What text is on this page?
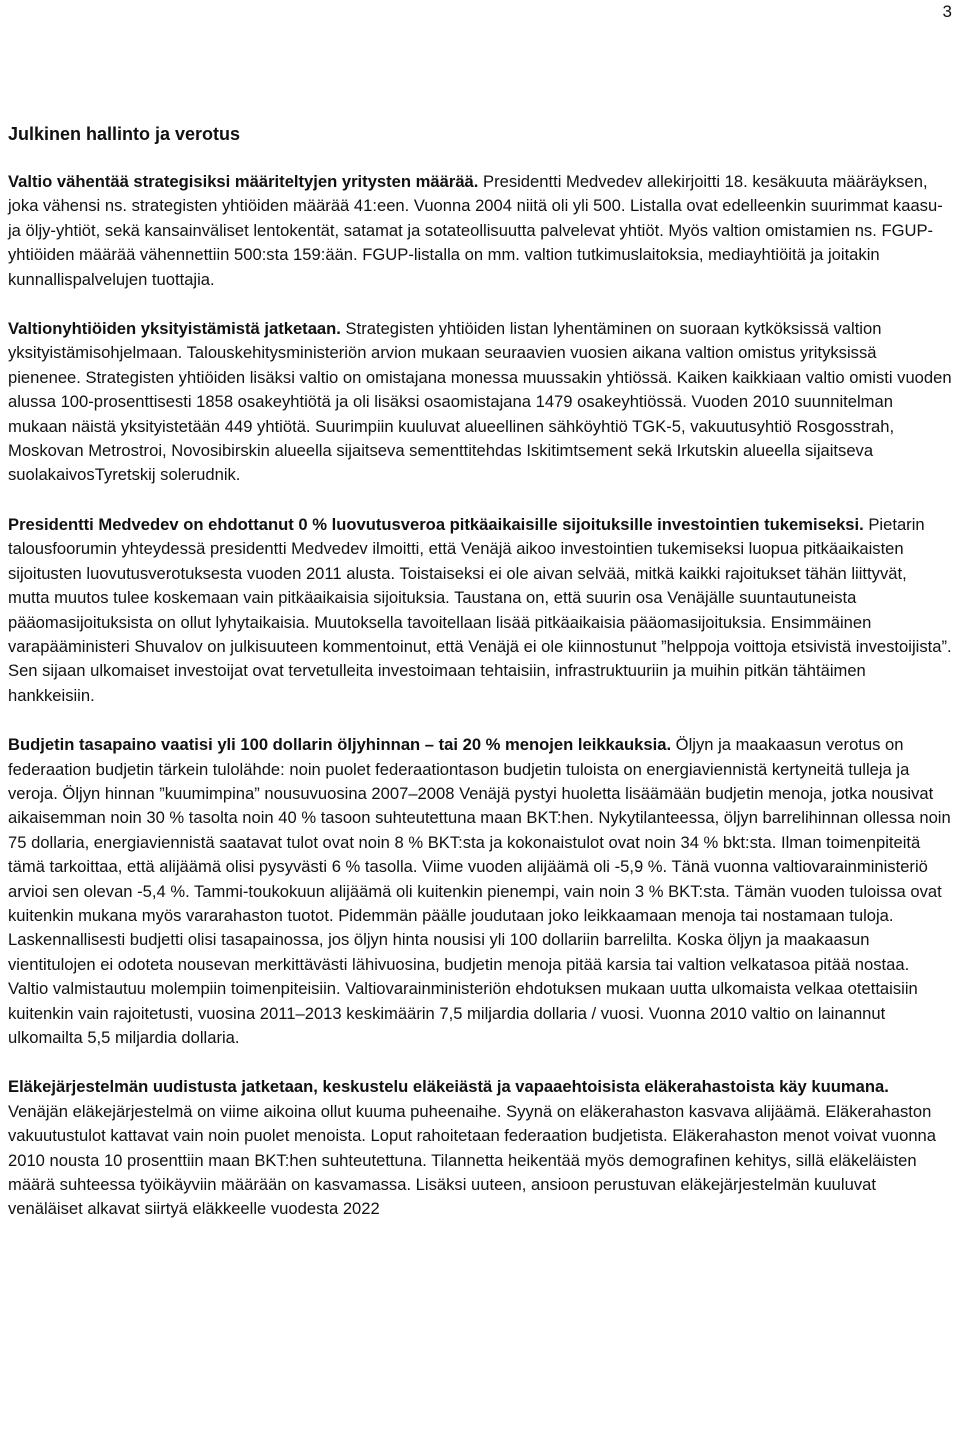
3
Julkinen hallinto ja verotus

Valtio vähentää strategisiksi määriteltyjen yritysten määrää. Presidentti Medvedev allekirjoitti 18. kesäkuuta määräyksen, joka vähensi ns. strategisten yhtiöiden määrää 41:een. Vuonna 2004 niitä oli yli 500. Listalla ovat edelleenkin suurimmat kaasu- ja öljy-yhtiöt, sekä kansainväliset lentokentät, satamat ja sotateollisuutta palvelevat yhtiöt. Myös valtion omistamien ns. FGUP-yhtiöiden määrää vähennettiin 500:sta 159:ään. FGUP-listalla on mm. valtion tutkimuslaitoksia, mediayhtiöitä ja joitakin kunnallispalvelujen tuottajia.

Valtionyhtiöiden yksityistämistä jatketaan. Strategisten yhtiöiden listan lyhentäminen on suoraan kytköksissä valtion yksityistämisohjelmaan. Talouskehitysministeriön arvion mukaan seuraavien vuosien aikana valtion omistus yrityksissä pienenee. Strategisten yhtiöiden lisäksi valtio on omistajana monessa muussakin yhtiössä. Kaiken kaikkiaan valtio omisti vuoden alussa 100-prosenttisesti 1858 osakeyhtiötä ja oli lisäksi osaomistajana 1479 osakeyhtiössä. Vuoden 2010 suunnitelman mukaan näistä yksityistetään 449 yhtiötä. Suurimpiin kuuluvat alueellinen sähköyhtiö TGK-5, vakuutusyhtiö Rosgosstrah, Moskovan Metrostroi, Novosibirskin alueella sijaitseva sementtitehdas Iskitimtsement sekä Irkutskin alueella sijaitseva suolakaivosTyretskij solerudnik.

Presidentti Medvedev on ehdottanut 0 % luovutusveroa pitkäaikaisille sijoituksille investointien tukemiseksi. Pietarin talousfoorumin yhteydessä presidentti Medvedev ilmoitti, että Venäjä aikoo investointien tukemiseksi luopua pitkäaikaisten sijoitusten luovutusverotuksesta vuoden 2011 alusta. Toistaiseksi ei ole aivan selvää, mitkä kaikki rajoitukset tähän liittyvät, mutta muutos tulee koskemaan vain pitkäaikaisia sijoituksia. Taustana on, että suurin osa Venäjälle suuntautuneista pääomasijoituksista on ollut lyhytaikaisia. Muutoksella tavoitellaan lisää pitkäaikaisia pääomasijoituksia. Ensimmäinen varapääministeri Shuvalov on julkisuuteen kommentoinut, että Venäjä ei ole kiinnostunut ”helppoja voittoja etsivistä investoijista”. Sen sijaan ulkomaiset investoijat ovat tervetulleita investoimaan tehtaisiin, infrastruktuuriin ja muihin pitkän tähtäimen hankkeisiin.

Budjetin tasapaino vaatisi yli 100 dollarin öljyhinnan – tai 20 % menojen leikkauksia. Öljyn ja maakaasun verotus on federaation budjetin tärkein tulolähde: noin puolet federaationtason budjetin tuloista on energiaviennistä kertyneitä tulleja ja veroja. Öljyn hinnan ”kuumimpina” nousuvuosina 2007–2008 Venäjä pystyi huoletta lisäämään budjetin menoja, jotka nousivat aikaisemman noin 30 % tasolta noin 40 % tasoon suhteutettuna maan BKT:hen. Nykytilanteessa, öljyn barrelihinnan ollessa noin 75 dollaria, energiaviennistä saatavat tulot ovat noin 8 % BKT:sta ja kokonaistulot ovat noin 34 % bkt:sta. Ilman toimenpiteitä tämä tarkoittaa, että alijäämä olisi pysyvästi 6 % tasolla. Viime vuoden alijäämä oli -5,9 %. Tänä vuonna valtiovarainministeriö arvioi sen olevan -5,4 %. Tammi-toukokuun alijäämä oli kuitenkin pienempi, vain noin 3 % BKT:sta. Tämän vuoden tuloissa ovat kuitenkin mukana myös vararahaston tuotot. Pidemmän päälle joudutaan joko leikkaamaan menoja tai nostamaan tuloja. Laskennallisesti budjetti olisi tasapainossa, jos öljyn hinta nousisi yli 100 dollariin barrelilta. Koska öljyn ja maakaasun vientitulojen ei odoteta nousevan merkittävästi lähivuosina, budjetin menoja pitää karsia tai valtion velkatasoa pitää nostaa. Valtio valmistautuu molempiin toimenpiteisiin. Valtiovarainministeriön ehdotuksen mukaan uutta ulkomaista velkaa otettaisiin kuitenkin vain rajoitetusti, vuosina 2011–2013 keskimäärin 7,5 miljardia dollaria / vuosi. Vuonna 2010 valtio on lainannut ulkomailta 5,5 miljardia dollaria.

Eläkejärjestelmän uudistusta jatketaan, keskustelu eläkeiästä ja vapaaehtoisista eläkerahastoista käy kuumana. Venäjän eläkejärjestelmä on viime aikoina ollut kuuma puheenaihe. Syynä on eläkerahaston kasvava alijäämä. Eläkerahaston vakuutustulot kattavat vain noin puolet menoista. Loput rahoitetaan federaation budjetista. Eläkerahaston menot voivat vuonna 2010 nousta 10 prosenttiin maan BKT:hen suhteutettuna. Tilannetta heikentää myös demografinen kehitys, sillä eläkeläisten määrä suhteessa työikäyviin määrään on kasvamassa. Lisäksi uuteen, ansioon perustuvan eläkejärjestelmän kuuluvat venäläiset alkavat siirtyä eläkkeelle vuodesta 2022
